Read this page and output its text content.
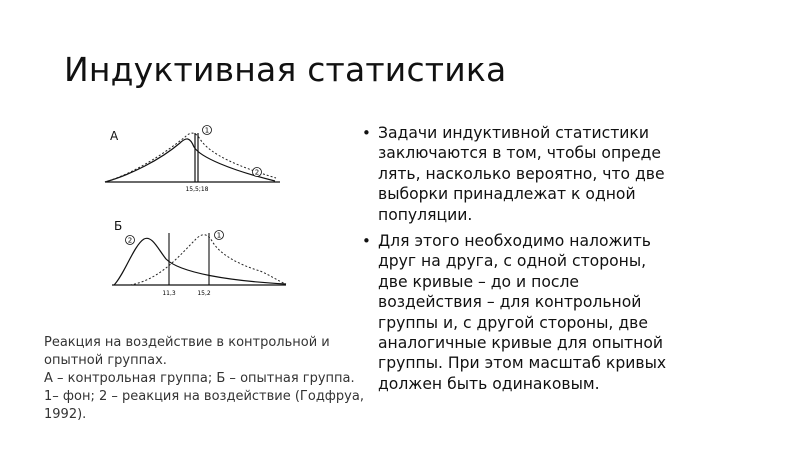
Индуктивная статистика
А
Б
1
2
15,5;18
2
1
11,3	15,2

Реакция на воздействие в контрольной и опытной группах.

А – контрольная группа; Б – опытная группа.

1– фон; 2 – реакция на воздействие (Годфруа, 1992).

• Задачи индуктивной статистики
заключаются в том, чтобы опреде
лять, насколько вероятно, что две
выборки принадлежат к одной
популяции.
• Для этого необходимо наложить
друг на друга, с одной стороны,
две кривые – до и после
воздействия – для контрольной
группы и, с другой стороны, две
аналогичные кривые для опытной
группы. При этом масштаб кривых
должен быть одинаковым.
